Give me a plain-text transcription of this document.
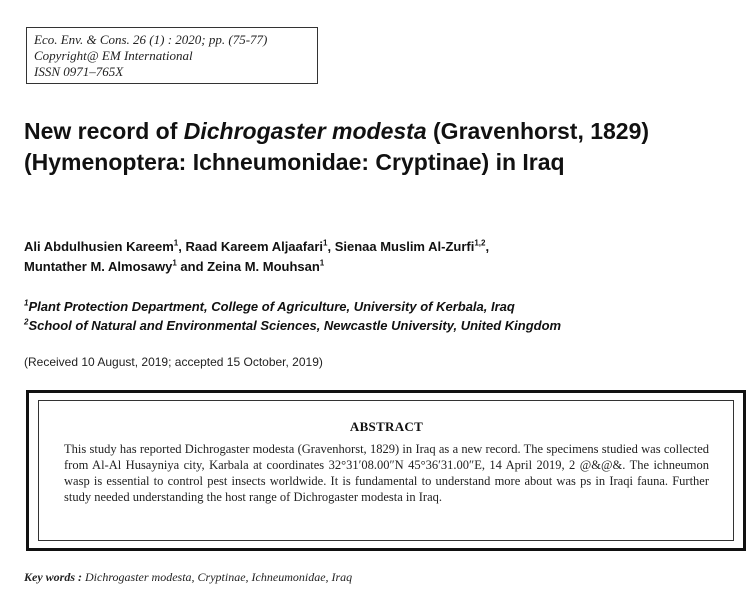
Eco. Env. & Cons. 26 (1) : 2020; pp. (75-77)
Copyright@ EM International
ISSN 0971–765X
New record of Dichrogaster modesta (Gravenhorst, 1829) (Hymenoptera: Ichneumonidae: Cryptinae) in Iraq
Ali Abdulhusien Kareem$^1$, Raad Kareem Aljaafari$^1$, Sienaa Muslim Al-Zurfi$^{1,2}$,
Muntather M. Almosawy$^1$ and Zeina M. Mouhsan$^1$
$^1$Plant Protection Department, College of Agriculture, University of Kerbala, Iraq
$^2$School of Natural and Environmental Sciences, Newcastle University, United Kingdom
(Received 10 August, 2019; accepted 15 October, 2019)
ABSTRACT

This study has reported Dichrogaster modesta (Gravenhorst, 1829) in Iraq as a new record. The specimens studied was collected from Al-Al Husayniya city, Karbala at coordinates 32°31′08.00″N 45°36′31.00″E, 14 April 2019, 2 @&@&. The ichneumon wasp is essential to control pest insects worldwide. It is fundamental to understand more about was ps in Iraqi fauna. Further study needed understanding the host range of Dichrogaster modesta in Iraq.

Key words : Dichrogaster modesta, Cryptinae, Ichneumonidae, Iraq
